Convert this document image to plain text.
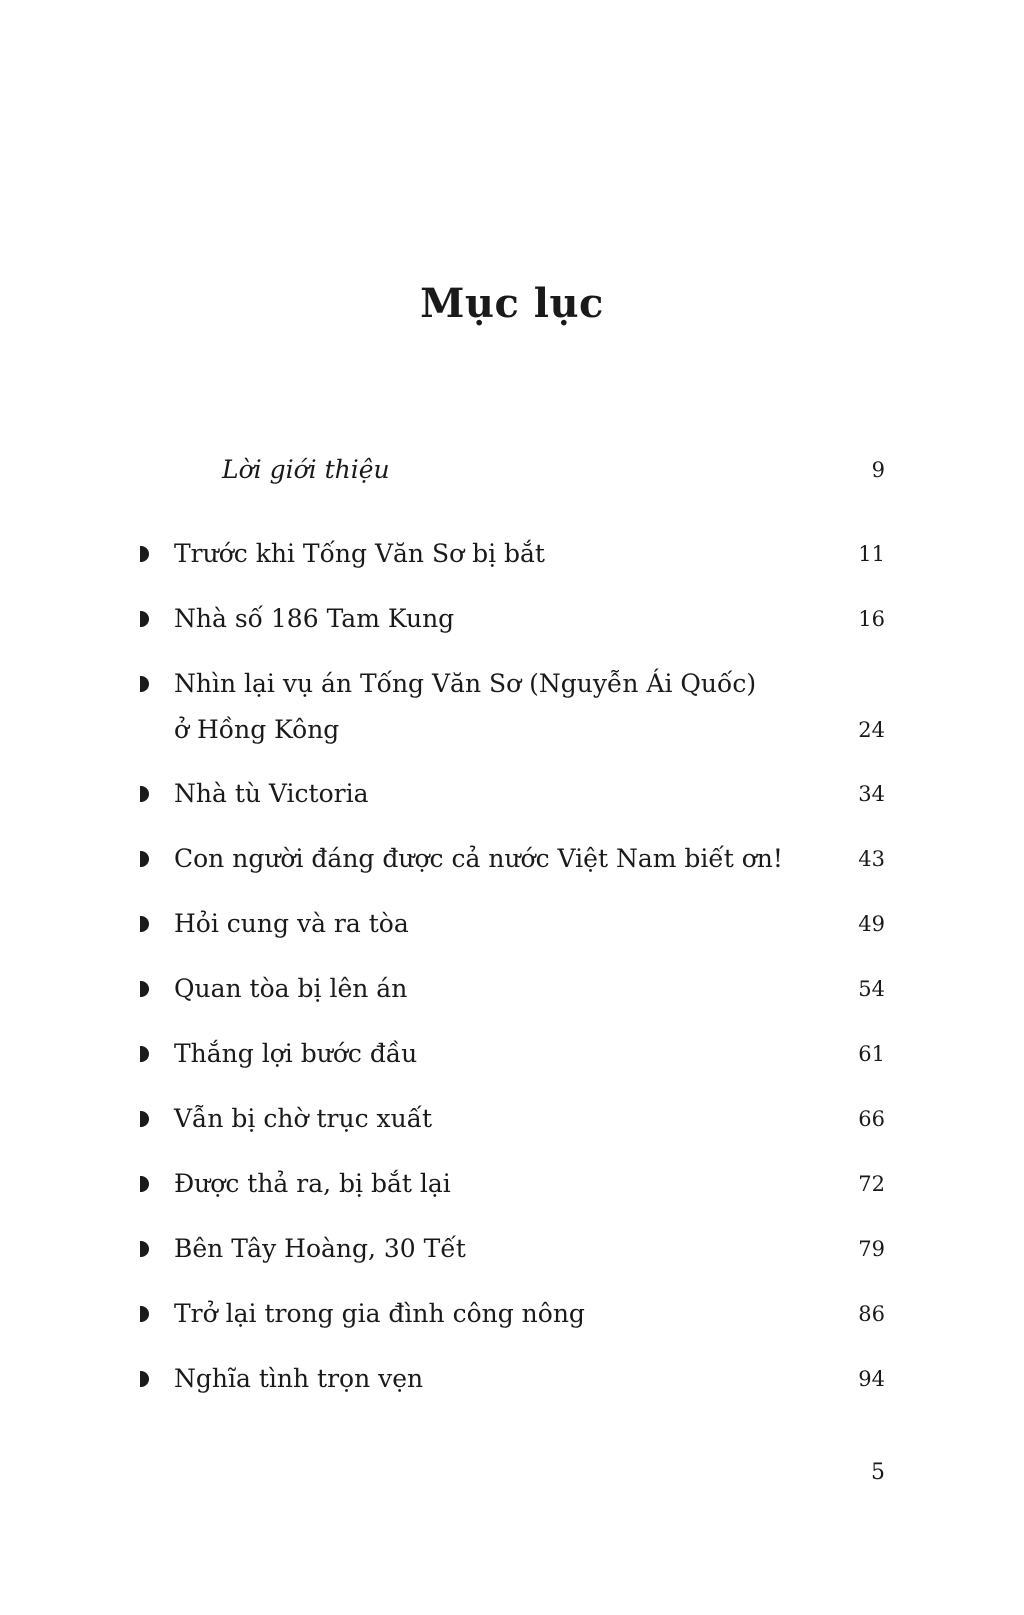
Mục lục
Lời giới thiệu	9
Trước khi Tống Văn Sơ bị bắt	11
Nhà số 186 Tam Kung	16
Nhìn lại vụ án Tống Văn Sơ (Nguyễn Ái Quốc)
ở Hồng Kông	24
Nhà tù Victoria	34
Con người đáng được cả nước Việt Nam biết ơn!	43
Hỏi cung và ra tòa	49
Quan tòa bị lên án	54
Thắng lợi bước đầu	61
Vẫn bị chờ trục xuất	66
Được thả ra, bị bắt lại	72
Bên Tây Hoàng, 30 Tết	79
Trở lại trong gia đình công nông	86
Nghĩa tình trọn vẹn	94
5
